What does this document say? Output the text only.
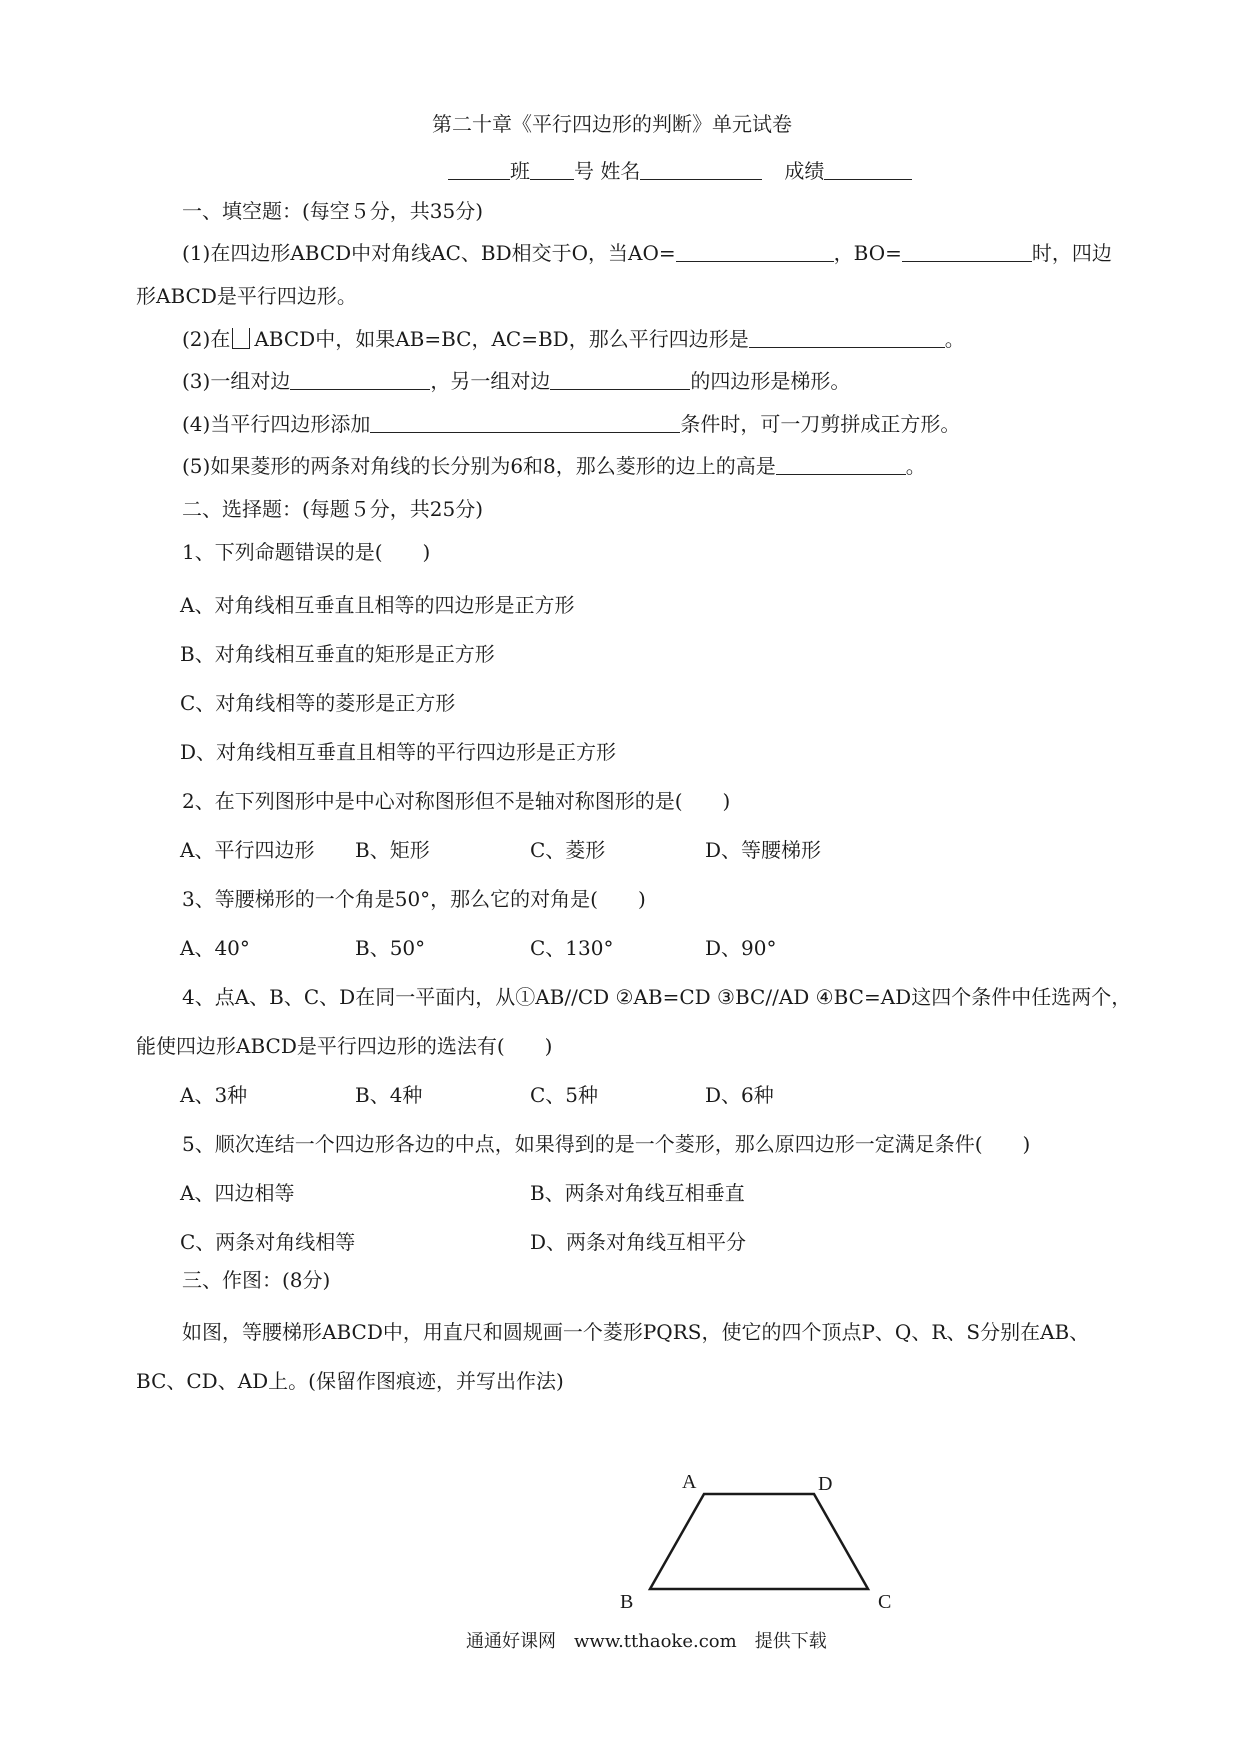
第二十章《平行四边形的判断》单元试卷
班 号 姓名	成绩
一、填空题：(每空５分，共35分)
(1)在四边形ABCD中对角线AC、BD相交于O，当AO=	，BO=	时，四边
形ABCD是平行四边形。
(2)在 ABCD中，如果AB=BC，AC=BD，那么平行四边形是	。
(3)一组对边	，另一组对边	的四边形是梯形。
(4)当平行四边形添加	条件时，可一刀剪拼成正方形。
(5)如果菱形的两条对角线的长分别为6和8，那么菱形的边上的高是	。
二、选择题：(每题５分，共25分)
1、下列命题错误的是(　　)
A、对角线相互垂直且相等的四边形是正方形
B、对角线相互垂直的矩形是正方形
C、对角线相等的菱形是正方形
D、对角线相互垂直且相等的平行四边形是正方形
2、在下列图形中是中心对称图形但不是轴对称图形的是(　　)
A、平行四边形 B、矩形	C、菱形	D、等腰梯形
3、等腰梯形的一个角是50°，那么它的对角是(　　)
A、40°	B、50°	C、130°	D、90°
4、点A、B、C、D在同一平面内，从①AB//CD ②AB=CD ③BC//AD ④BC=AD这四个条件中任选两个，
能使四边形ABCD是平行四边形的选法有(　　)
A、3种	B、4种	C、5种	D、6种
5、顺次连结一个四边形各边的中点，如果得到的是一个菱形，那么原四边形一定满足条件(　　)
A、四边相等	B、两条对角线互相垂直
C、两条对角线相等	D、两条对角线互相平分
三、作图：(8分)
如图，等腰梯形ABCD中，用直尺和圆规画一个菱形PQRS，使它的四个顶点P、Q、R、S分别在AB、
BC、CD、AD上。(保留作图痕迹，并写出作法)
A	D
B	C
通通好课网　www.tthaoke.com　提供下载
